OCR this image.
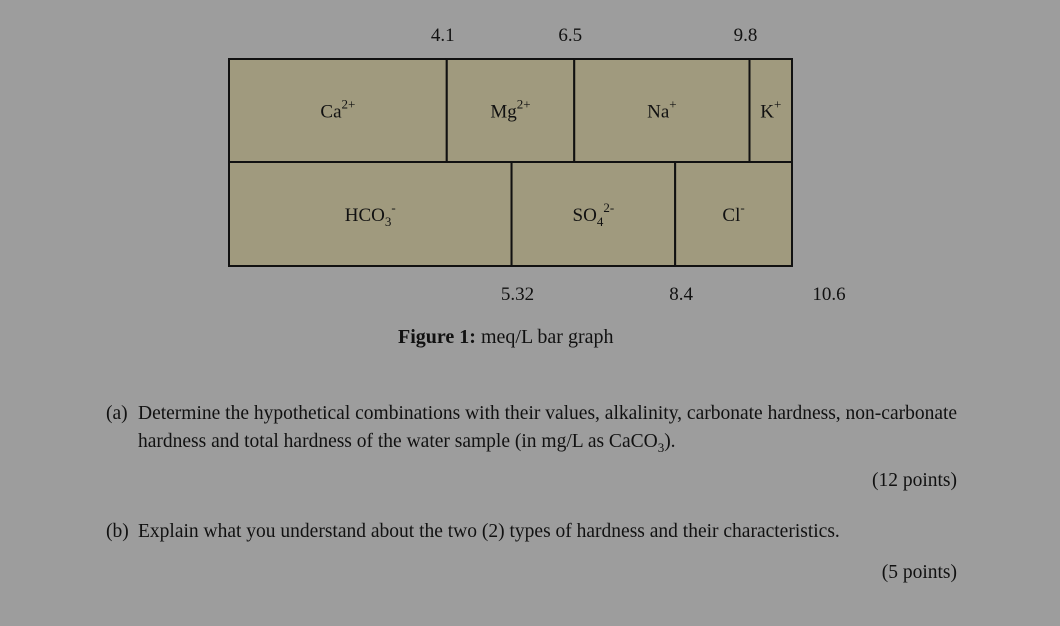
$Ca^{2+}$	$Mg^{2+}$	Na+	K+
$HCO_3^-$	$SO_4^{2-}$	Cl-
4.1	6.5	9.8
5.32	8.4	10.6
Figure 1: meq/L bar graph
(a) Determine the hypothetical combinations with their values, alkalinity, carbonate hardness, non-carbonate hardness and total hardness of the water sample (in mg/L as CaCO$_3$).
(12 points)
(b) Explain what you understand about the two (2) types of hardness and their characteristics.
(5 points)
